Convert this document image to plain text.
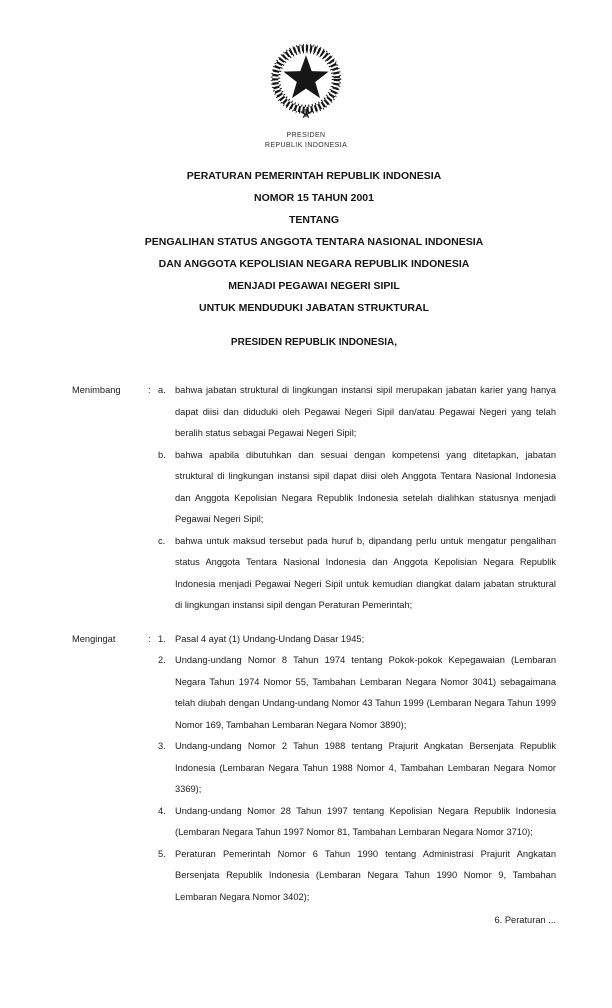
PRESIDEN
REPUBLIK INDONESIA
PERATURAN PEMERINTAH REPUBLIK INDONESIA
NOMOR 15 TAHUN 2001
TENTANG
PENGALIHAN STATUS ANGGOTA TENTARA NASIONAL INDONESIA
DAN ANGGOTA KEPOLISIAN NEGARA REPUBLIK INDONESIA
MENJADI PEGAWAI NEGERI SIPIL
UNTUK MENDUDUKI JABATAN STRUKTURAL
PRESIDEN REPUBLIK INDONESIA,
Menimbang	: a. bahwa jabatan struktural di lingkungan instansi sipil merupakan jabatan karier yang hanya dapat diisi dan diduduki oleh Pegawai Negeri Sipil dan/atau Pegawai Negeri yang telah beralih status sebagai Pegawai Negeri Sipil;
b. bahwa apabila dibutuhkan dan sesuai dengan kompetensi yang ditetapkan, jabatan struktural di lingkungan instansi sipil dapat diisi oleh Anggota Tentara Nasional Indonesia dan Anggota Kepolisian Negara Republik Indonesia setelah dialihkan statusnya menjadi Pegawai Negeri Sipil;
c.	bahwa untuk maksud tersebut pada huruf b, dipandang perlu untuk mengatur pengalihan status Anggota Tentara Nasional Indonesia dan Anggota Kepolisian Negara Republik Indonesia menjadi Pegawai Negeri Sipil untuk kemudian diangkat dalam jabatan struktural di lingkungan instansi sipil dengan Peraturan Pemerintah;
Mengingat	: 1. Pasal 4 ayat (1) Undang-Undang Dasar 1945;
2. Undang-undang Nomor 8 Tahun 1974 tentang Pokok-pokok Kepegawaian (Lembaran Negara Tahun 1974 Nomor 55, Tambahan Lembaran Negara Nomor 3041) sebagaimana telah diubah dengan Undang-undang Nomor 43 Tahun 1999 (Lembaran Negara Tahun 1999 Nomor 169, Tambahan Lembaran Negara Nomor 3890);
3. Undang-undang Nomor 2 Tahun 1988 tentang Prajurit Angkatan Bersenjata Republik Indonesia (Lembaran Negara Tahun 1988 Nomor 4, Tambahan Lembaran Negara Nomor 3369);
4. Undang-undang Nomor 28 Tahun 1997 tentang Kepolisian Negara Republik Indonesia (Lembaran Negara Tahun 1997 Nomor 81, Tambahan Lembaran Negara Nomor 3710);
5. Peraturan Pemerintah Nomor 6 Tahun 1990 tentang Administrasi Prajurit Angkatan Bersenjata Republik Indonesia (Lembaran Negara Tahun 1990 Nomor 9, Tambahan Lembaran Negara Nomor 3402);
6. Peraturan ...
